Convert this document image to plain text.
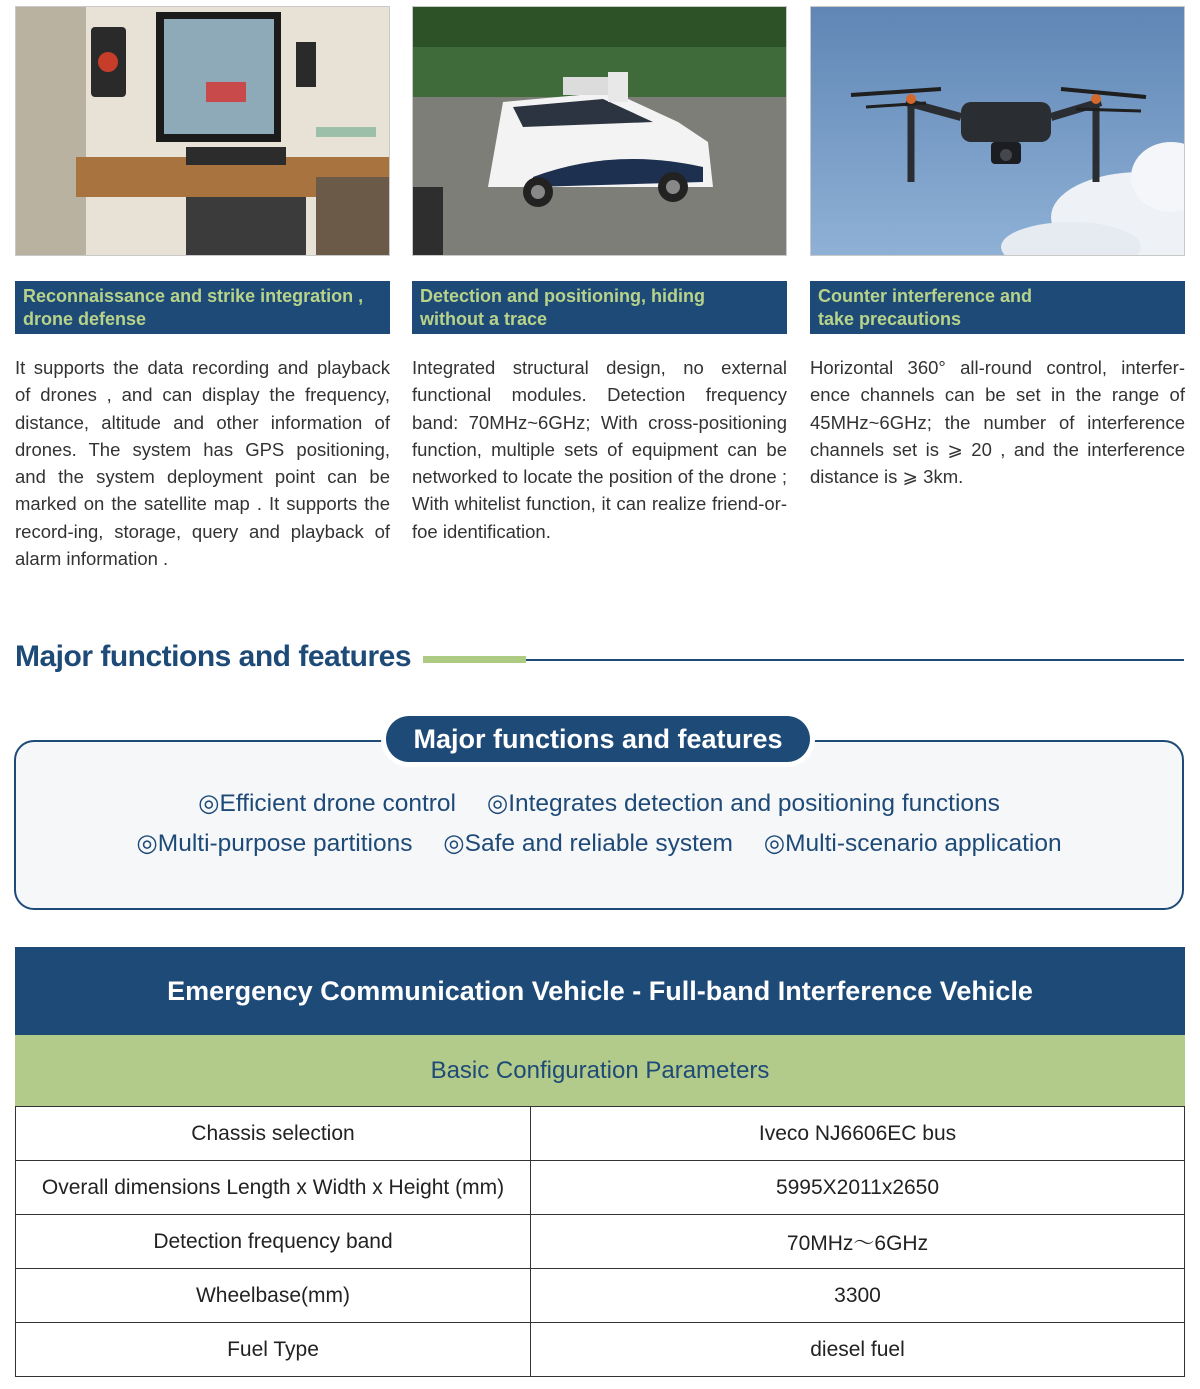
Reconnaissance and strike integration ,
drone defense
It supports the data recording and playback of drones , and can display the frequency, distance, altitude and other information of drones. The system has GPS positioning, and the system deployment point can be marked on the satellite map . It supports the record-ing, storage, query and playback of alarm information .
Detection and positioning, hiding
without a trace
Integrated structural design, no external functional modules. Detection frequency band: 70MHz~6GHz; With cross-positioning function, multiple sets of equipment can be networked to locate the position of the drone ; With whitelist function, it can realize friend-or-foe identification.
Counter interference and
take precautions
Horizontal 360° all-round control, interfer-ence channels can be set in the range of 45MHz~6GHz; the number of interference channels set is ⩾ 20 , and the interference distance is ⩾ 3km.
Major functions and features
Major functions and features
◎Efficient drone control ◎Integrates detection and positioning functions
◎Multi-purpose partitions ◎Safe and reliable system ◎Multi-scenario application
Emergency Communication Vehicle - Full-band Interference Vehicle
Basic Configuration Parameters
Chassis selection	Iveco NJ6606EC bus
Overall dimensions Length x Width x Height (mm)	5995X2011x2650
Detection frequency band	70MHz～6GHz
Wheelbase(mm)	3300
Fuel Type	diesel fuel
